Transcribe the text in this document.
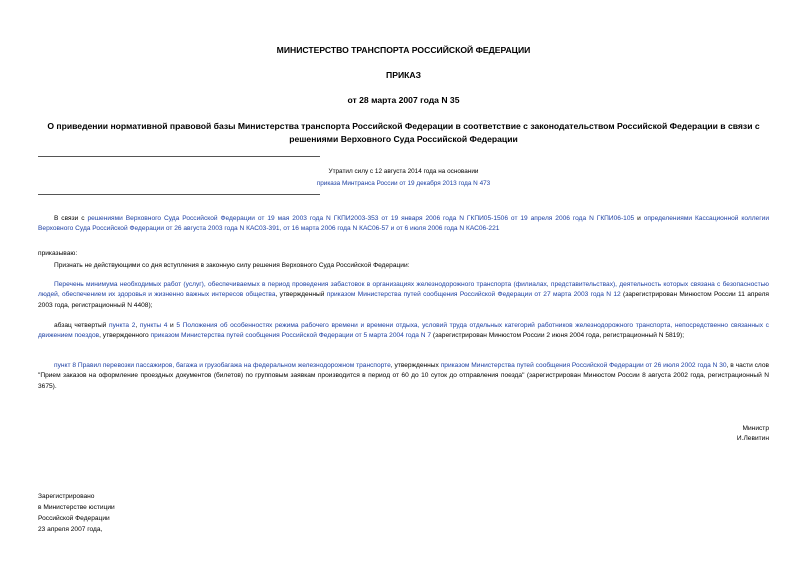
МИНИСТЕРСТВО ТРАНСПОРТА РОССИЙСКОЙ ФЕДЕРАЦИИ
ПРИКАЗ
от 28 марта 2007 года N 35
О приведении нормативной правовой базы Министерства транспорта Российской Федерации в соответствие с законодательством Российской Федерации в связи с решениями Верховного Суда Российской Федерации
Утратил силу с 12 августа 2014 года на основании
приказа Минтранса России от 19 декабря 2013 года N 473
В связи с решениями Верховного Суда Российской Федерации от 19 мая 2003 года N ГКПИ2003-353 от 19 января 2006 года N ГКПИ05-1506 от 19 апреля 2006 года N ГКПИ06-105 и определениями Кассационной коллегии Верховного Суда Российской Федерации от 26 августа 2003 года N КАС03-391, от 16 марта 2006 года N КАС06-57 и от 6 июля 2006 года N КАС06-221
приказываю:
Признать не действующими со дня вступления в законную силу решения Верховного Суда Российской Федерации:
Перечень минимума необходимых работ (услуг), обеспечиваемых в период проведения забастовок в организациях железнодорожного транспорта (филиалах, представительствах), деятельность которых связана с безопасностью людей, обеспечением их здоровья и жизненно важных интересов общества, утвержденный приказом Министерства путей сообщения Российской Федерации от 27 марта 2003 года N 12 (зарегистрирован Минюстом России 11 апреля 2003 года, регистрационный N 4408);
абзац четвертый пункта 2, пункты 4 и 5 Положения об особенностях режима рабочего времени и времени отдыха, условий труда отдельных категорий работников железнодорожного транспорта, непосредственно связанных с движением поездов, утвержденного приказом Министерства путей сообщения Российской Федерации от 5 марта 2004 года N 7 (зарегистрирован Минюстом России 2 июня 2004 года, регистрационный N 5819);
пункт 8 Правил перевозки пассажиров, багажа и грузобагажа на федеральном железнодорожном транспорте, утвержденных приказом Министерства путей сообщения Российской Федерации от 26 июля 2002 года N 30, в части слов "Прием заказов на оформление проездных документов (билетов) по групповым заявкам производится в период от 60 до 10 суток до отправления поезда" (зарегистрирован Минюстом России 8 августа 2002 года, регистрационный N 3675).
Министр
И.Левитин
Зарегистрировано
в Министерстве юстиции
Российской Федерации
23 апреля 2007 года,
